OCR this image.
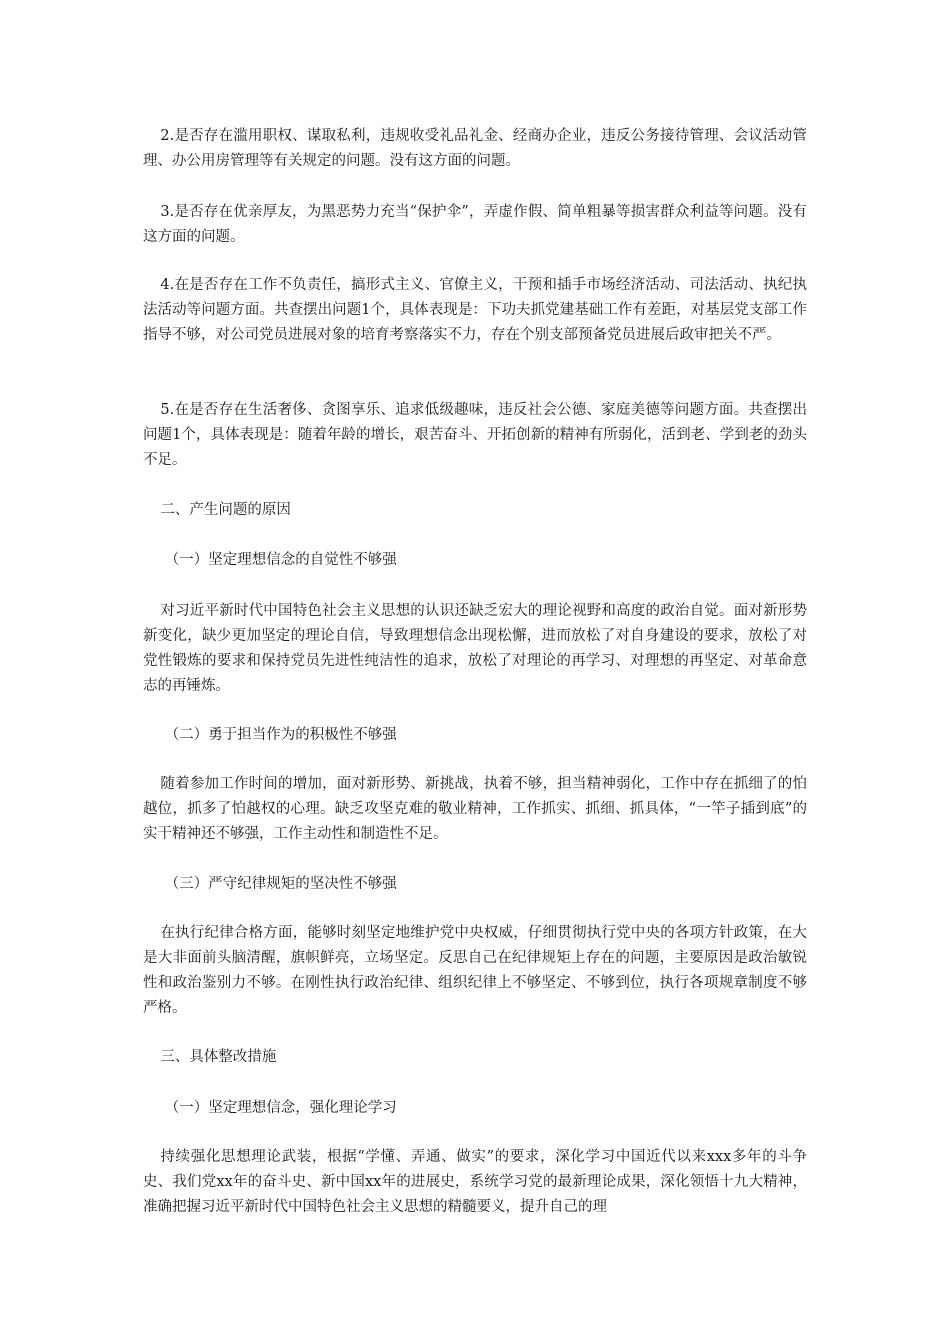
2.是否存在滥用职权、谋取私利，违规收受礼品礼金、经商办企业，违反公务接待管理、会议活动管理、办公用房管理等有关规定的问题。没有这方面的问题。

3.是否存在优亲厚友，为黑恶势力充当“保护伞”，弄虚作假、简单粗暴等损害群众利益等问题。没有这方面的问题。

4.在是否存在工作不负责任，搞形式主义、官僚主义，干预和插手市场经济活动、司法活动、执纪执法活动等问题方面。共查摆出问题1个，具体表现是：下功夫抓党建基础工作有差距，对基层党支部工作指导不够，对公司党员进展对象的培育考察落实不力，存在个别支部预备党员进展后政审把关不严。

5.在是否存在生活奢侈、贪图享乐、追求低级趣味，违反社会公德、家庭美德等问题方面。共查摆出问题1个，具体表现是：随着年龄的增长，艰苦奋斗、开拓创新的精神有所弱化，活到老、学到老的劲头不足。

二、产生问题的原因

（一）坚定理想信念的自觉性不够强

对习近平新时代中国特色社会主义思想的认识还缺乏宏大的理论视野和高度的政治自觉。面对新形势新变化，缺少更加坚定的理论自信，导致理想信念出现松懈，进而放松了对自身建设的要求，放松了对党性锻炼的要求和保持党员先进性纯洁性的追求，放松了对理论的再学习、对理想的再坚定、对革命意志的再锤炼。

（二）勇于担当作为的积极性不够强

随着参加工作时间的增加，面对新形势、新挑战，执着不够，担当精神弱化，工作中存在抓细了的怕越位，抓多了怕越权的心理。缺乏攻坚克难的敬业精神，工作抓实、抓细、抓具体，“一竿子插到底”的实干精神还不够强，工作主动性和制造性不足。

（三）严守纪律规矩的坚决性不够强

在执行纪律合格方面，能够时刻坚定地维护党中央权威，仔细贯彻执行党中央的各项方针政策，在大是大非面前头脑清醒，旗帜鲜亮，立场坚定。反思自己在纪律规矩上存在的问题，主要原因是政治敏锐性和政治鉴别力不够。在刚性执行政治纪律、组织纪律上不够坚定、不够到位，执行各项规章制度不够严格。

三、具体整改措施

（一）坚定理想信念，强化理论学习

持续强化思想理论武装，根据“学懂、弄通、做实”的要求，深化学习中国近代以来xxx多年的斗争史、我们党xx年的奋斗史、新中国xx年的进展史，系统学习党的最新理论成果，深化领悟十九大精神，准确把握习近平新时代中国特色社会主义思想的精髓要义，提升自己的理
